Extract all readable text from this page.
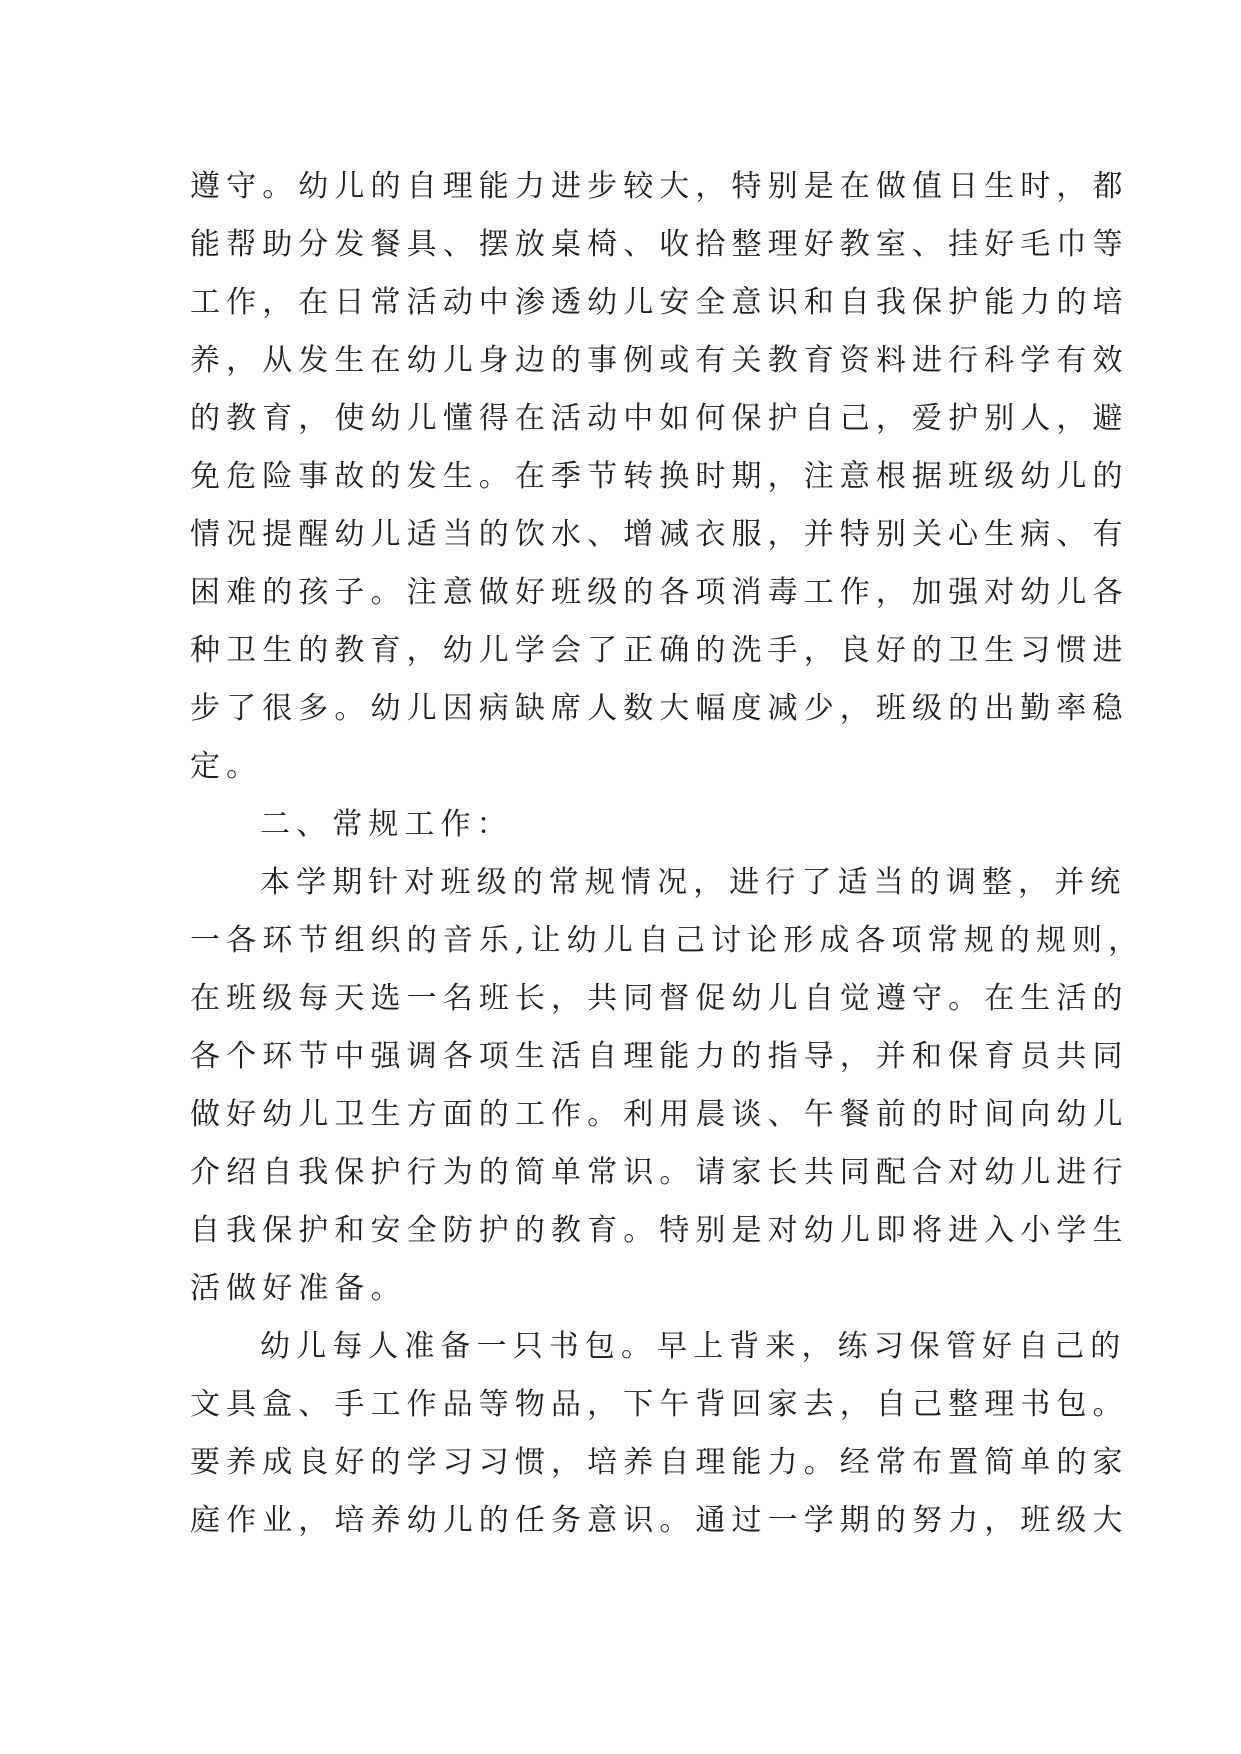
遵守。幼儿的自理能力进步较大，特别是在做值日生时，都
能帮助分发餐具、摆放桌椅、收拾整理好教室、挂好毛巾等
工作，在日常活动中渗透幼儿安全意识和自我保护能力的培
养，从发生在幼儿身边的事例或有关教育资料进行科学有效
的教育，使幼儿懂得在活动中如何保护自己，爱护别人，避
免危险事故的发生。在季节转换时期，注意根据班级幼儿的
情况提醒幼儿适当的饮水、增减衣服，并特别关心生病、有
困难的孩子。注意做好班级的各项消毒工作，加强对幼儿各
种卫生的教育，幼儿学会了正确的洗手，良好的卫生习惯进
步了很多。幼儿因病缺席人数大幅度减少，班级的出勤率稳
定。
二、常规工作：
本学期针对班级的常规情况，进行了适当的调整，并统
一各环节组织的音乐,让幼儿自己讨论形成各项常规的规则，
在班级每天选一名班长，共同督促幼儿自觉遵守。在生活的
各个环节中强调各项生活自理能力的指导，并和保育员共同
做好幼儿卫生方面的工作。利用晨谈、午餐前的时间向幼儿
介绍自我保护行为的简单常识。请家长共同配合对幼儿进行
自我保护和安全防护的教育。特别是对幼儿即将进入小学生
活做好准备。
幼儿每人准备一只书包。早上背来，练习保管好自己的
文具盒、手工作品等物品，下午背回家去，自己整理书包。
要养成良好的学习习惯，培养自理能力。经常布置简单的家
庭作业，培养幼儿的任务意识。通过一学期的努力，班级大
